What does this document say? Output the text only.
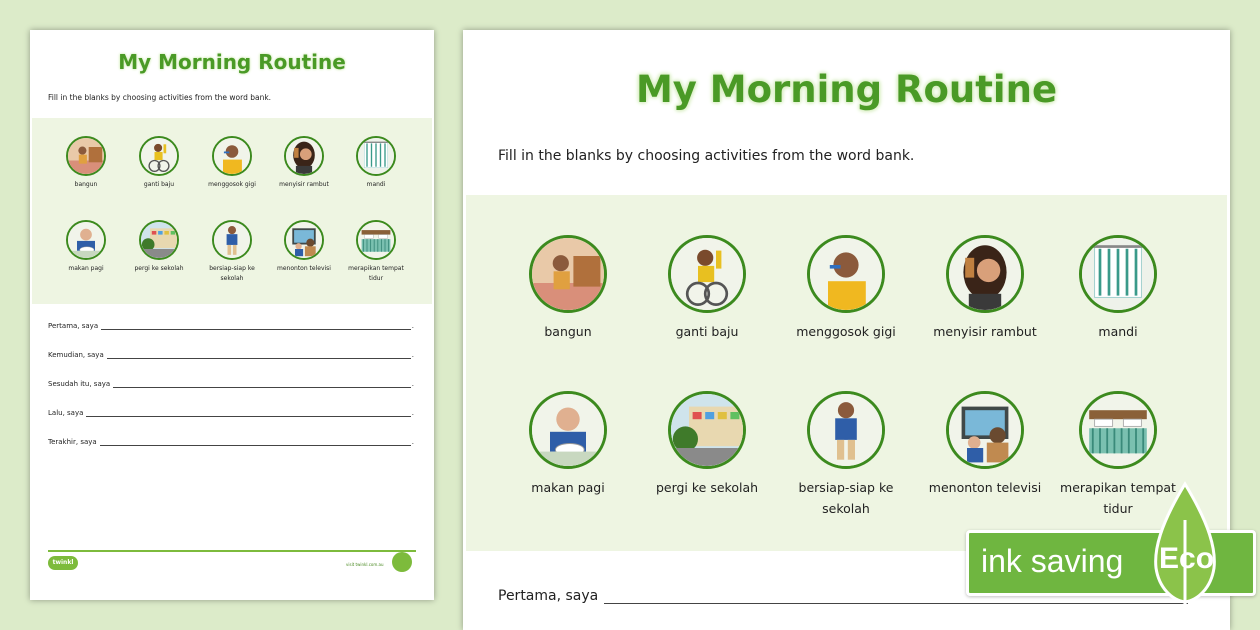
My Morning Routine
Fill in the blanks by choosing activities from the word bank.
bangun	ganti baju	menggosok gigi	menyisir rambut	mandi
makan pagi	pergi ke sekolah	bersiap-siap ke sekolah
menonton televisi	merapikan tempat tidur
Pertama, saya	.
Kemudian, saya	.
Sesudah itu, saya	.
Lalu, saya	.
Terakhir, saya	.
twinkl	visit twinkl.com.au
My Morning Routine
Fill in the blanks by choosing activities from the word bank.
bangun	ganti baju	menggosok gigi	menyisir rambut	mandi
makan pagi	pergi ke sekolah	bersiap-siap ke sekolah
menonton televisi	merapikan tempat tidur
Pertama, saya
ink saving Eco
